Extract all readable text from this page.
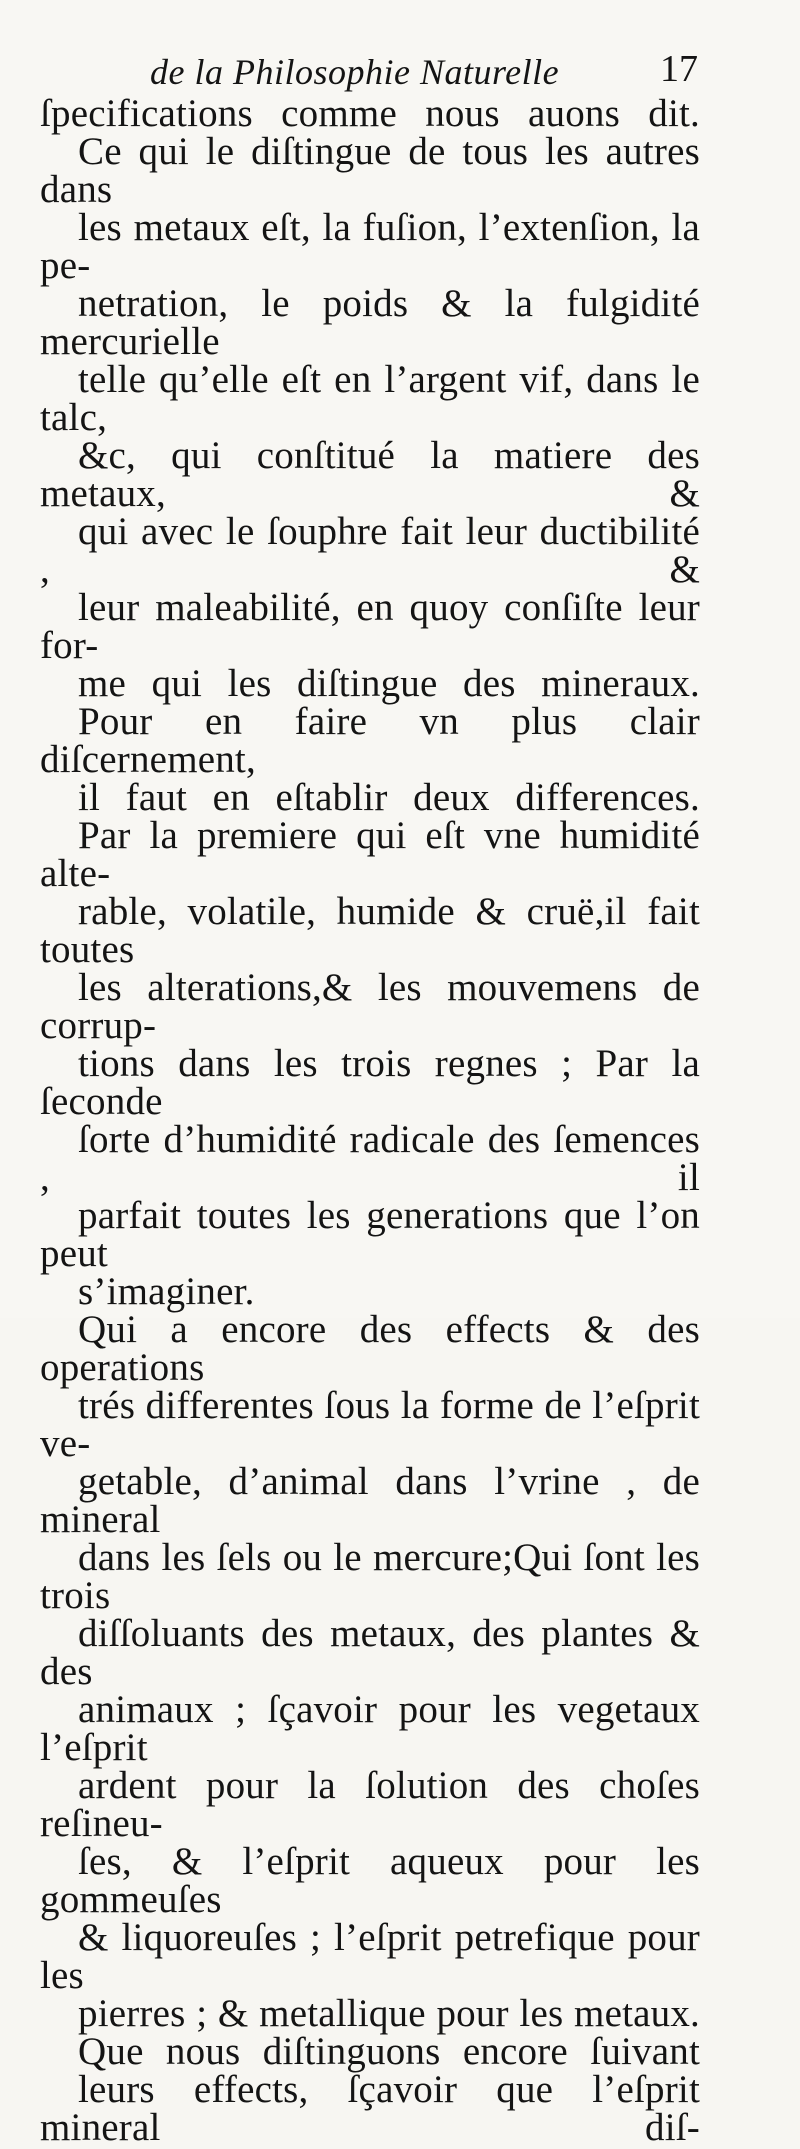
de la Philosophie Naturelle	17

ſpecifications comme nous auons dit.

Ce qui le diſtingue de tous les autres dans
les metaux eſt, la fuſion, l’extenſion, la pe-
netration, le poids & la fulgidité mercurielle
telle qu’elle eſt en l’argent vif, dans le talc,
&c, qui conſtitué la matiere des metaux, &
qui avec le ſouphre fait leur ductibilité , &
leur maleabilité, en quoy conſiſte leur for-
me qui les diſtingue des mineraux.

Pour en faire vn plus clair diſcernement,
il faut en eſtablir deux differences.

Par la premiere qui eſt vne humidité alte-
rable, volatile, humide & cruë,il fait toutes
les alterations,& les mouvemens de corrup-
tions dans les trois regnes ; Par la ſeconde
ſorte d’humidité radicale des ſemences , il
parfait toutes les generations que l’on peut
s’imaginer.

Qui a encore des effects & des operations
trés differentes ſous la forme de l’eſprit ve-
getable, d’animal dans l’vrine , de mineral
dans les ſels ou le mercure;Qui ſont les trois
diſſoluants des metaux, des plantes & des
animaux ; ſçavoir pour les vegetaux l’eſprit
ardent pour la ſolution des choſes reſineu-
ſes, & l’eſprit aqueux pour les gommeuſes
& liquoreuſes ; l’eſprit petrefique pour les
pierres ; & metallique pour les metaux.

Que nous diſtinguons encore ſuivant
leurs effects, ſçavoir que l’eſprit mineral diſ-
